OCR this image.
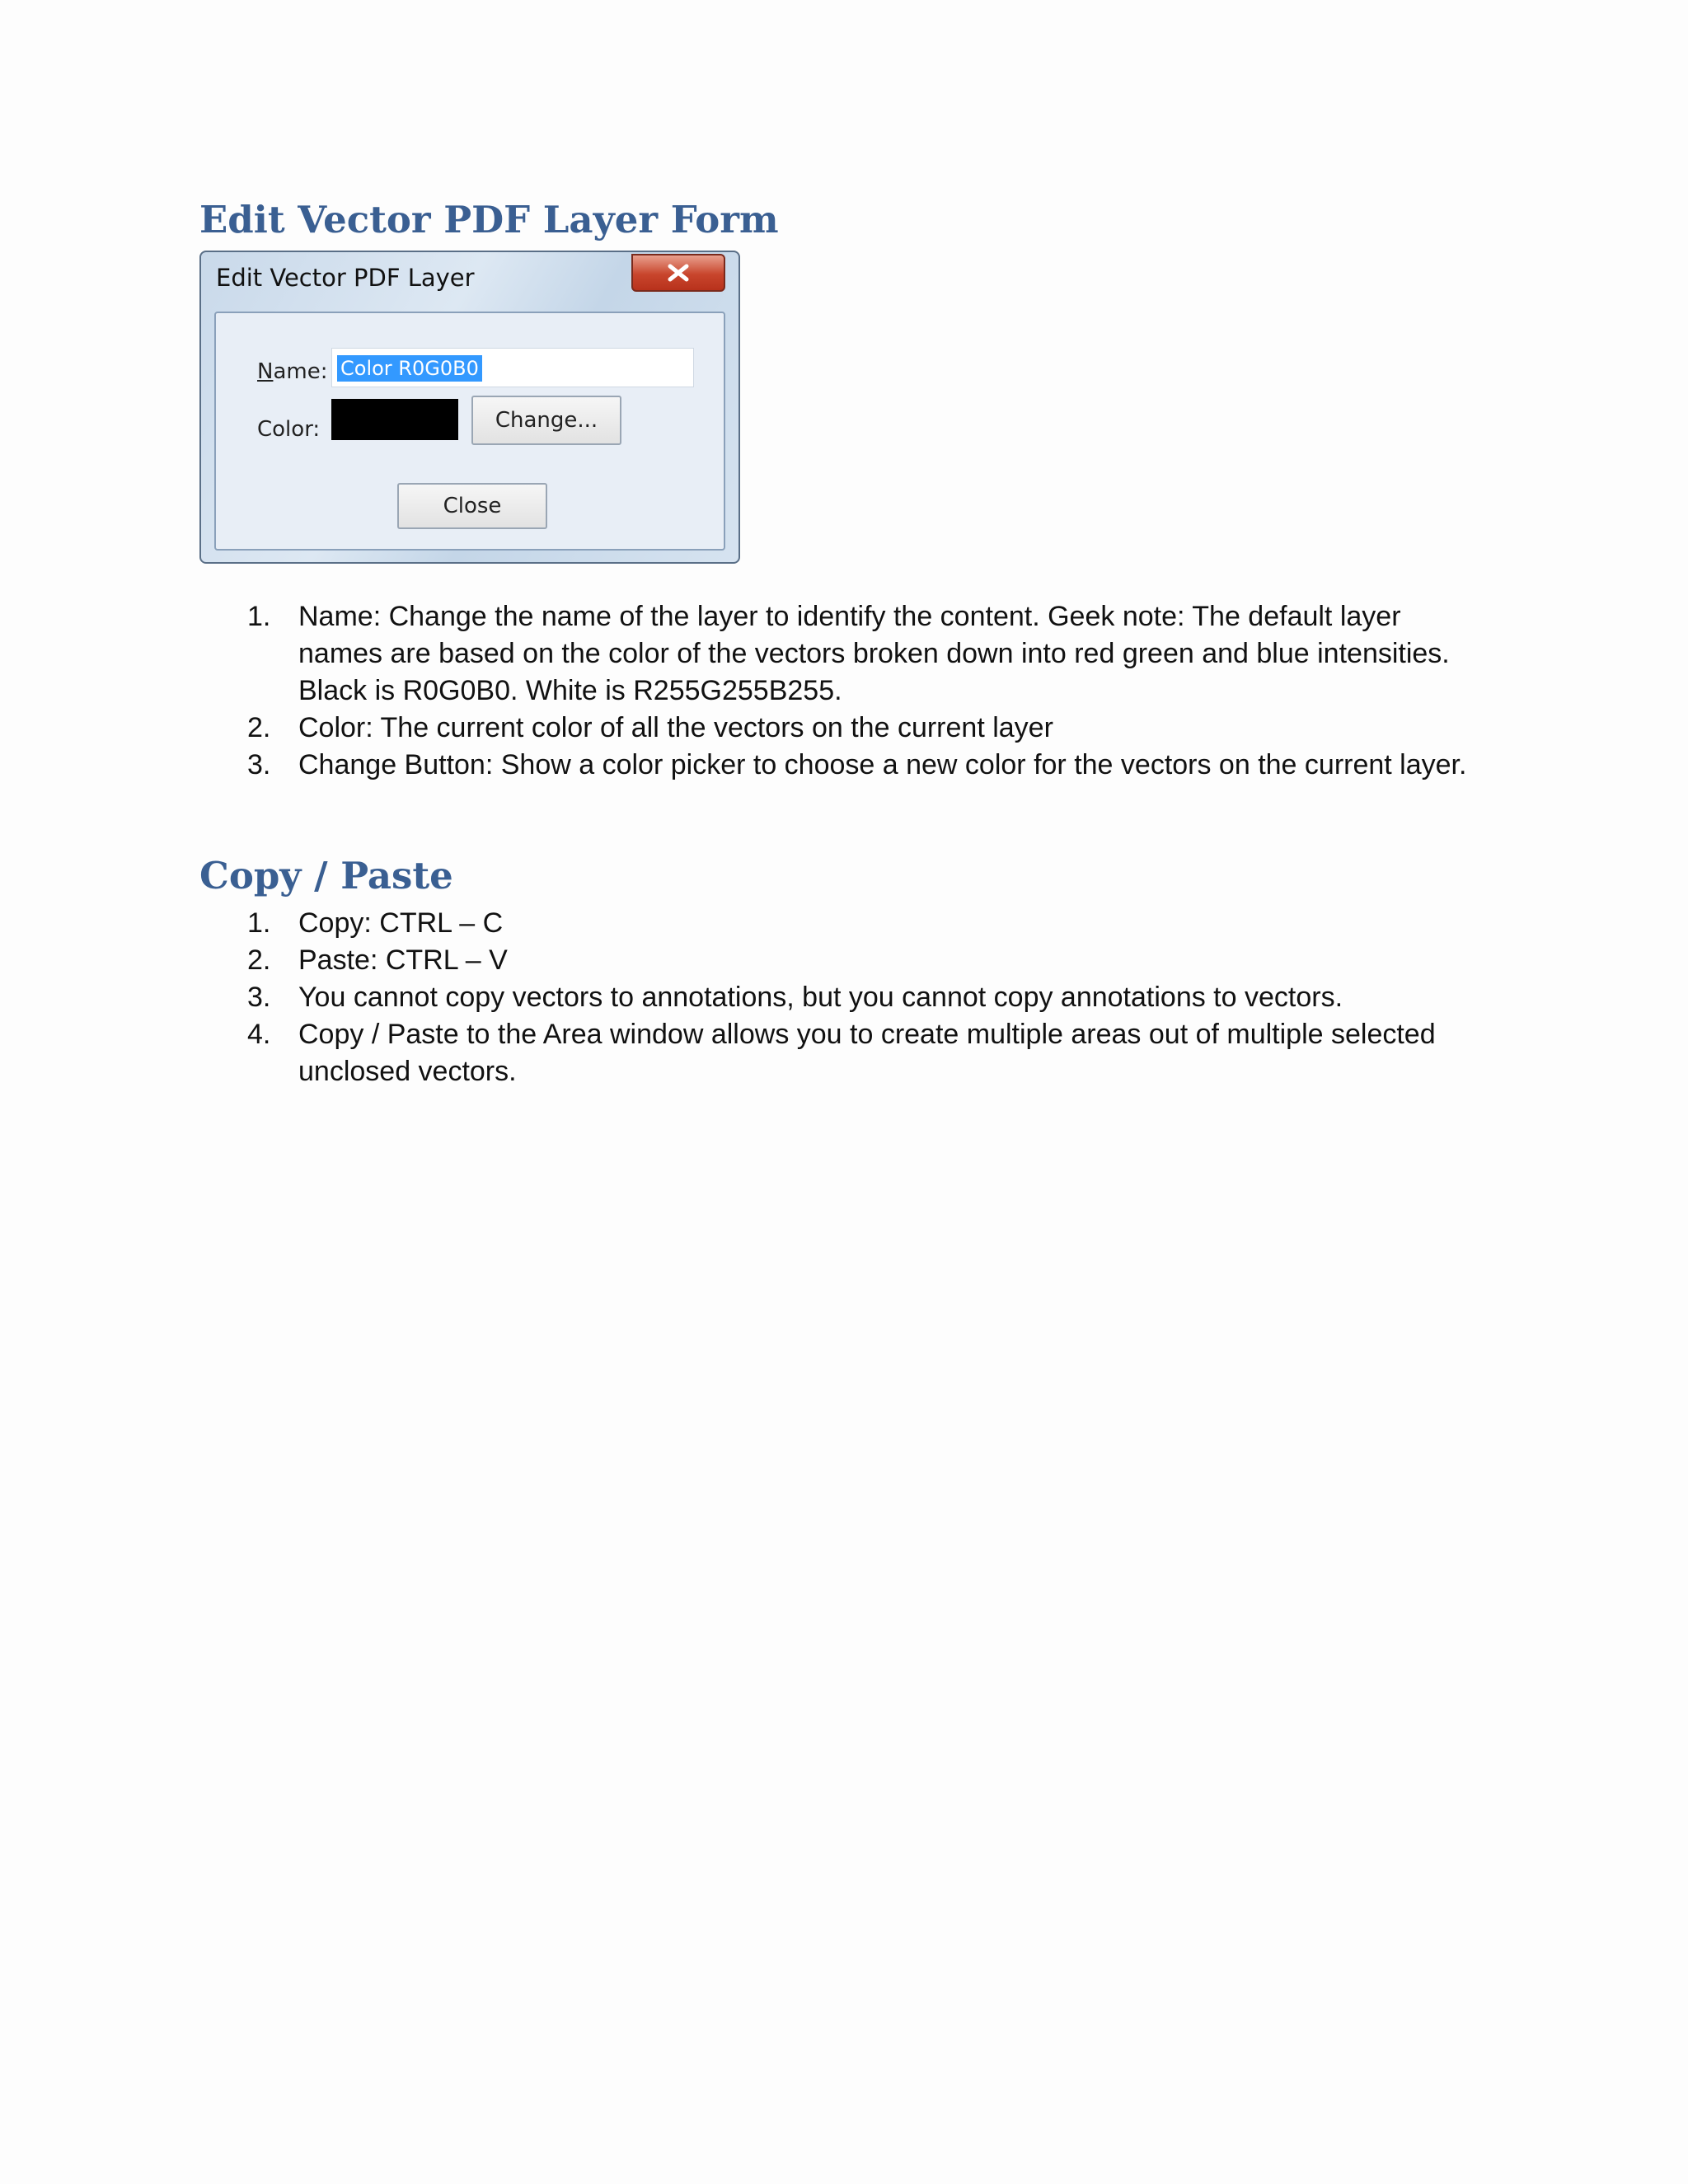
Edit Vector PDF Layer Form
Edit Vector PDF Layer
Name: Color R0G0B0
Color:	Change...
Close
1. Name: Change the name of the layer to identify the content. Geek note: The default layer names are based on the color of the vectors broken down into red green and blue intensities. Black is R0G0B0. White is R255G255B255.
2. Color: The current color of all the vectors on the current layer
3. Change Button: Show a color picker to choose a new color for the vectors on the current layer.
Copy / Paste
1. Copy: CTRL – C
2. Paste: CTRL – V
3. You cannot copy vectors to annotations, but you cannot copy annotations to vectors.
4. Copy / Paste to the Area window allows you to create multiple areas out of multiple selected unclosed vectors.
